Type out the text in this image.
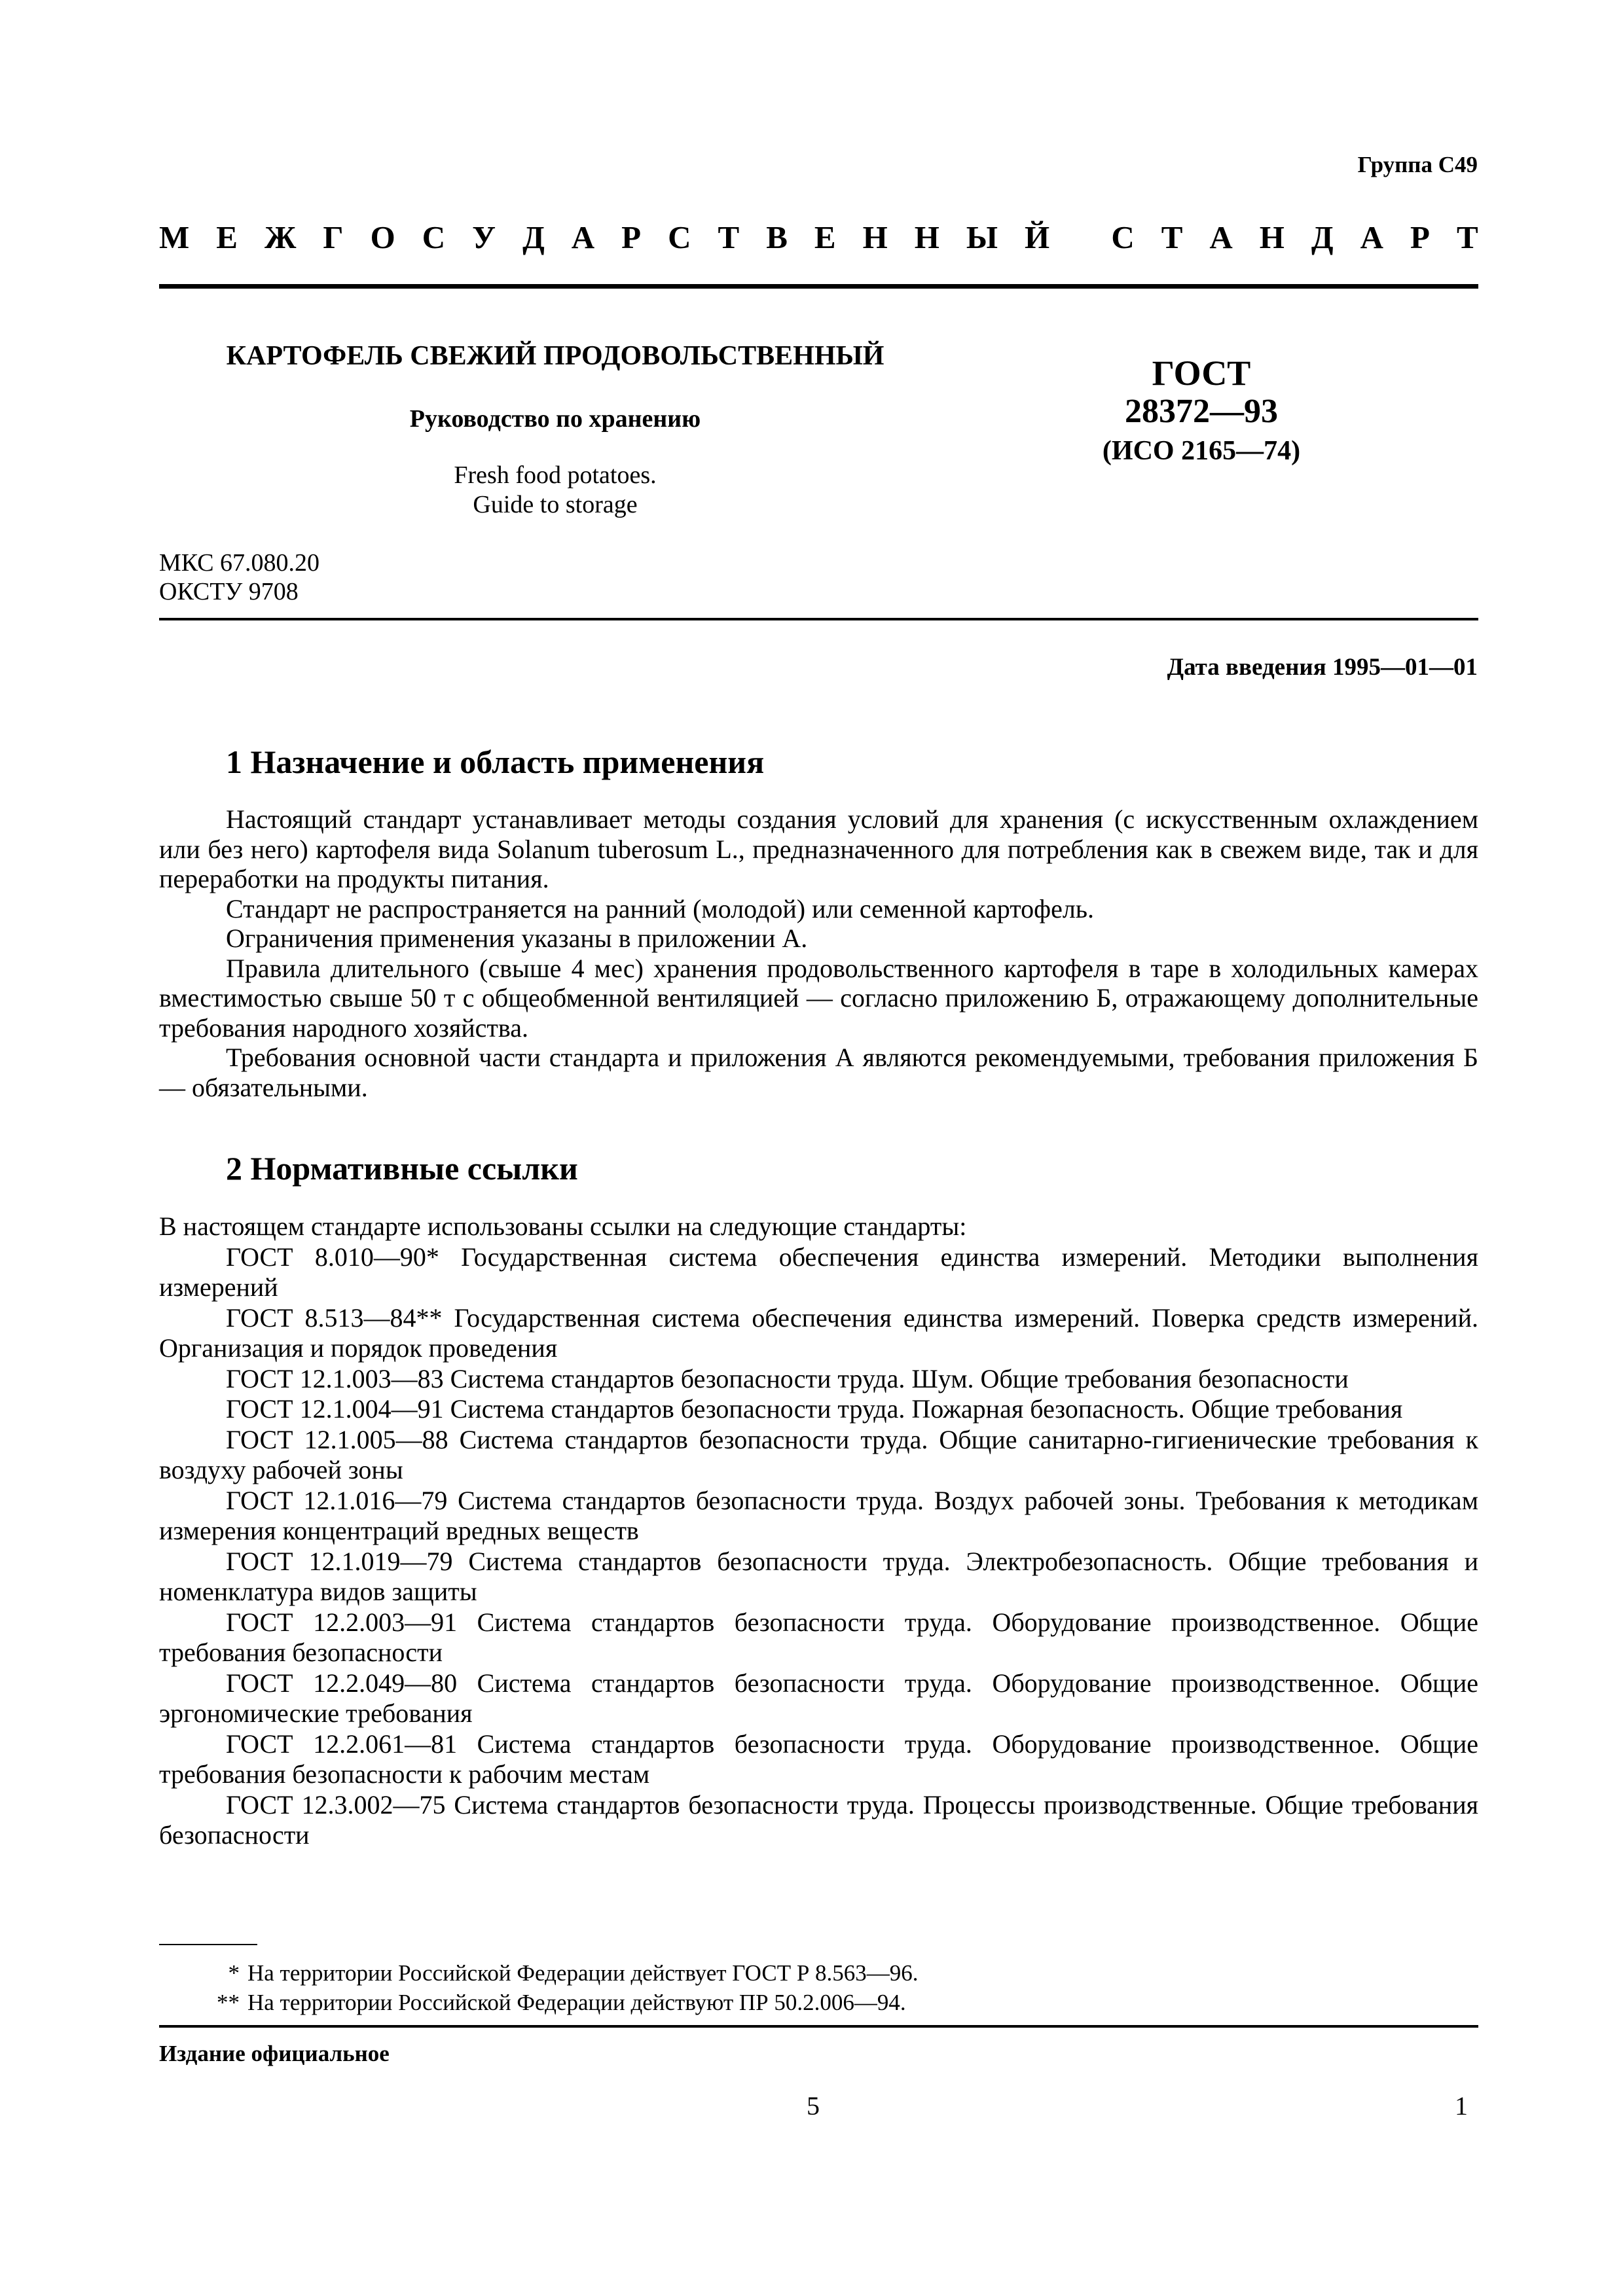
Группа С49
М Е Ж Г О С У Д А Р С Т В Е Н Н Ы Й
С Т А Н Д А Р Т
КАРТОФЕЛЬ СВЕЖИЙ ПРОДОВОЛЬСТВЕННЫЙ
Руководство по хранению
Fresh food potatoes.
Guide to storage
ГОСТ
28372—93
(ИСО 2165—74)
МКС 67.080.20
ОКСТУ 9708
Дата введения 1995—01—01
1 Назначение и область применения

Настоящий стандарт устанавливает методы создания условий для хранения (с искусственным охлаждением или без него) картофеля вида Solanum tuberosum L., предназначенного для потребления как в свежем виде, так и для переработки на продукты питания.

Стандарт не распространяется на ранний (молодой) или семенной картофель.

Ограничения применения указаны в приложении А.

Правила длительного (свыше 4 мес) хранения продовольственного картофеля в таре в холодильных камерах вместимостью свыше 50 т с общеобменной вентиляцией — согласно приложению Б, отражающему дополнительные требования народного хозяйства.

Требования основной части стандарта и приложения А являются рекомендуемыми, требования приложения Б — обязательными.

2 Нормативные ссылки

В настоящем стандарте использованы ссылки на следующие стандарты:

ГОСТ 8.010—90* Государственная система обеспечения единства измерений. Методики выполнения измерений

ГОСТ 8.513—84** Государственная система обеспечения единства измерений. Поверка средств измерений. Организация и порядок проведения

ГОСТ 12.1.003—83 Система стандартов безопасности труда. Шум. Общие требования безопасности

ГОСТ 12.1.004—91 Система стандартов безопасности труда. Пожарная безопасность. Общие требования

ГОСТ 12.1.005—88 Система стандартов безопасности труда. Общие санитарно-гигиенические требования к воздуху рабочей зоны

ГОСТ 12.1.016—79 Система стандартов безопасности труда. Воздух рабочей зоны. Требования к методикам измерения концентраций вредных веществ

ГОСТ 12.1.019—79 Система стандартов безопасности труда. Электробезопасность. Общие требования и номенклатура видов защиты

ГОСТ 12.2.003—91 Система стандартов безопасности труда. Оборудование производственное. Общие требования безопасности

ГОСТ 12.2.049—80 Система стандартов безопасности труда. Оборудование производственное. Общие эргономические требования

ГОСТ 12.2.061—81 Система стандартов безопасности труда. Оборудование производственное. Общие требования безопасности к рабочим местам

ГОСТ 12.3.002—75 Система стандартов безопасности труда. Процессы производственные. Общие требования безопасности

* На территории Российской Федерации действует ГОСТ Р 8.563—96.
** На территории Российской Федерации действуют ПР 50.2.006—94.
Издание официальное
5	1
